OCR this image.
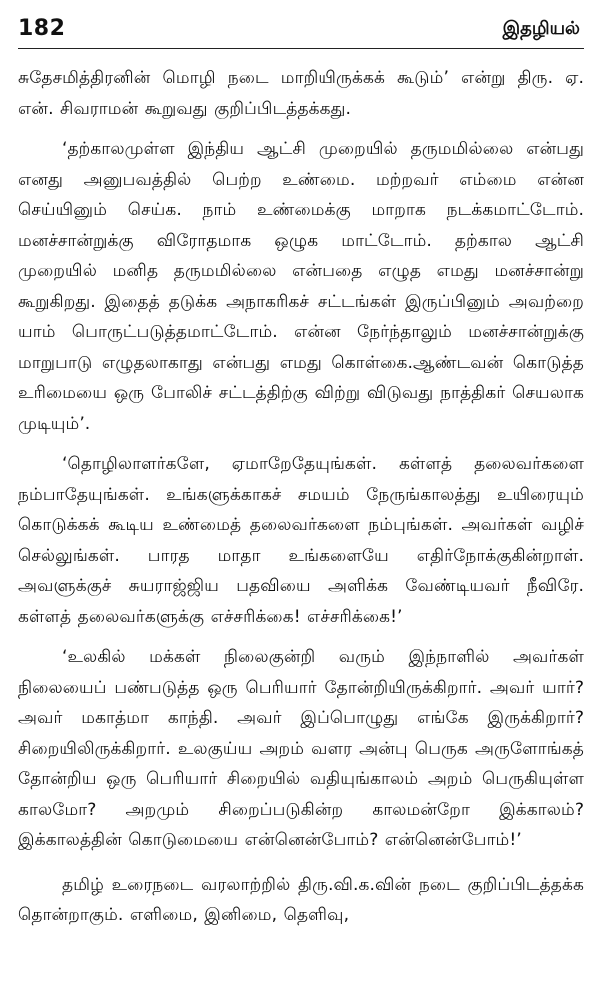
182	இதழியல்

சுதேசமித்திரனின் மொழி நடை மாறியிருக்கக் கூடும்’ என்று திரு. ஏ. என். சிவராமன் கூறுவது குறிப்பிடத்தக்கது.

‘தற்காலமுள்ள இந்திய ஆட்சி முறையில் தருமமில்லை என்பது எனது அனுபவத்தில் பெற்ற உண்மை. மற்றவர் எம்மை என்ன செய்யினும் செய்க. நாம் உண்மைக்கு மாறாக நடக்கமாட்டோம். மனச்சான்றுக்கு விரோதமாக ஒழுக மாட்டோம். தற்கால ஆட்சி முறையில் மனித தருமமில்லை என்பதை எழுத எமது மனச்சான்று கூறுகிறது. இதைத் தடுக்க அநாகரிகச் சட்டங்கள் இருப்பினும் அவற்றை யாம் பொருட்படுத்தமாட்டோம். என்ன நேர்ந்தாலும் மனச்சான்றுக்கு மாறுபாடு எழுதலாகாது என்பது எமது கொள்கை.ஆண்டவன் கொடுத்த உரிமையை ஒரு போலிச் சட்டத்திற்கு விற்று விடுவது நாத்திகர் செயலாக முடியும்’.

‘தொழிலாளர்களே, ஏமாறேதேயுங்கள். கள்ளத் தலைவர்களை நம்பாதேயுங்கள். உங்களுக்காகச் சமயம் நேருங்காலத்து உயிரையும் கொடுக்கக் கூடிய உண்மைத் தலைவர்களை நம்புங்கள். அவர்கள் வழிச் செல்லுங்கள். பாரத மாதா உங்களையே எதிர்நோக்குகின்றாள். அவளுக்குச் சுயராஜ்ஜிய பதவியை அளிக்க வேண்டியவர் நீவிரே. கள்ளத் தலைவர்களுக்கு எச்சரிக்கை! எச்சரிக்கை!’

‘உலகில் மக்கள் நிலைகுன்றி வரும் இந்நாளில் அவர்கள் நிலையைப் பண்படுத்த ஒரு பெரியார் தோன்றியிருக்கிறார். அவர் யார்? அவர் மகாத்மா காந்தி. அவர் இப்பொழுது எங்கே இருக்கிறார்? சிறையிலிருக்கிறார். உலகுய்ய அறம் வளர அன்பு பெருக அருளோங்கத் தோன்றிய ஒரு பெரியார் சிறையில் வதியுங்காலம் அறம் பெருகியுள்ள காலமோ? அறமும் சிறைப்படுகின்ற காலமன்றோ இக்காலம்? இக்காலத்தின் கொடுமையை என்னென்போம்? என்னென்போம்!’

தமிழ் உரைநடை வரலாற்றில் திரு.வி.க.வின் நடை குறிப்பிடத்தக்க தொன்றாகும். எளிமை, இனிமை, தெளிவு,
